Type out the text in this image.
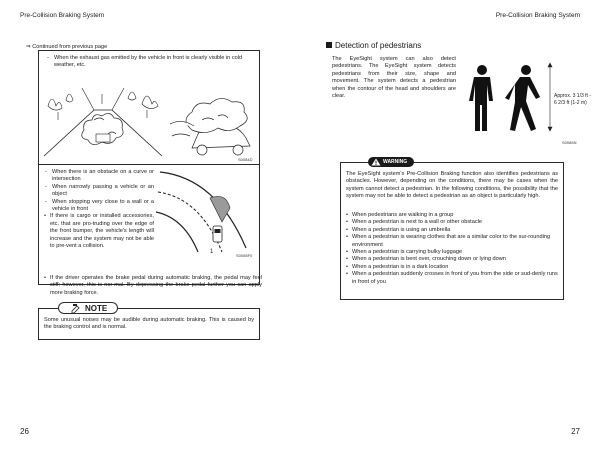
Pre-Collision Braking System
⇒ Continued from previous page
- When the exhaust gas emitted by the vehicle in front is clearly visible in cold weather, etc.
S0084D
- When there is an obstacle on a curve or intersection
- When narrowly passing a vehicle or an object
- When stopping very close to a wall or a vehicle in front
• If there is cargo or installed accessories, etc. that are pro-truding over the edge of the front bumper, the vehicle's length will increase and the system may not be able to pre-vent a collision.
• If the driver operates the brake pedal during automatic braking, the pedal may feel stiff; however, this is nor-mal. By depressing the brake pedal further you can apply more braking force.
1
S0058F0
NOTE
Some unusual noises may be audible during automatic braking. This is caused by the braking control and is normal.
26
Pre-Collision Braking System
Detection of pedestrians
The EyeSight system can also detect pedestrians. The EyeSight system detects pedestrians from their size, shape and movement. The system detects a pedestrian when the contour of the head and shoulders are clear.	Approx. 3 1/3 ft - 6 2/3 ft (1-2 m)
S0085N
WARNING
The EyeSight system's Pre-Collision Braking function also identifies pedestrians as obstacles. However, depending on the conditions, there may be cases when the system cannot detect a pedestrian. In the following conditions, the possibility that the system may not be able to detect a pedestrian as an object is particularly high.
• When pedestrians are walking in a group
• When a pedestrian is next to a wall or other obstacle
• When a pedestrian is using an umbrella
• When a pedestrian is wearing clothes that are a similar color to the sur-rounding environment
• When a pedestrian is carrying bulky luggage
• When a pedestrian is bent over, crouching down or lying down
• When a pedestrian is in a dark location
• When a pedestrian suddenly crosses in front of you from the side or sud-denly runs in front of you
27
